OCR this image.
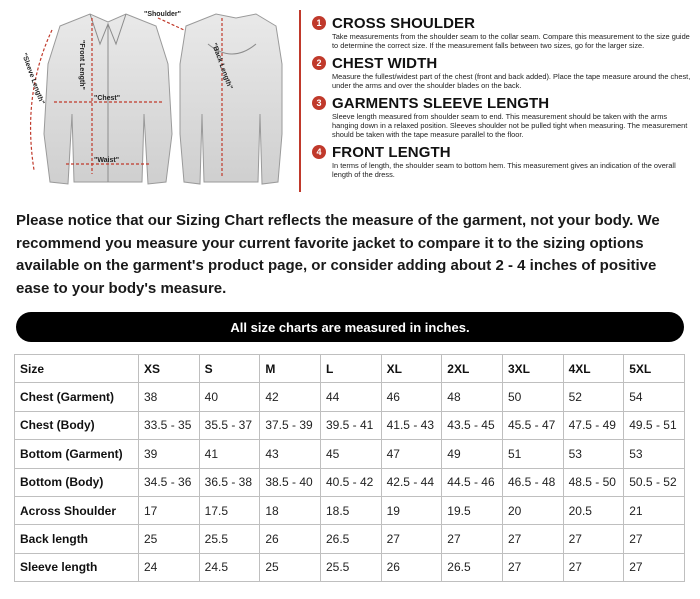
"Shoulder"
"Front Length"
"Chest"
"Waist"
"Sleeve Length"	"Back Length"
1 CROSS SHOULDER

Take measurements from the shoulder seam to the collar seam. Compare this measurement to the size guide to determine the correct size. If the measurement falls between two sizes, go for the larger size.

2 CHEST WIDTH

Measure the fullest/widest part of the chest (front and back added). Place the tape measure around the chest, under the arms and over the shoulder blades on the back.

3 GARMENTS SLEEVE LENGTH

Sleeve length measured from shoulder seam to end. This measurement should be taken with the arms hanging down in a relaxed position. Sleeves shoulder not be pulled tight when measuring. The measurement should be taken with the tape measure parallel to the floor.

4 FRONT LENGTH

In terms of length, the shoulder seam to bottom hem. This measurement gives an indication of the overall length of the dress.

Please notice that our Sizing Chart reflects the measure of the garment, not your body. We recommend you measure your current favorite jacket to compare it to the sizing options available on the garment's product page, or consider adding about 2 - 4 inches of positive ease to your body's measure.

All size charts are measured in inches.
Size	XS	S	M	L	XL	2XL	3XL	4XL	5XL
Chest (Garment)	38	40	42	44	46	48	50	52	54
Chest (Body)	33.5 - 35	35.5 - 37	37.5 - 39	39.5 - 41	41.5 - 43	43.5 - 45	45.5 - 47	47.5 - 49	49.5 - 51
Bottom (Garment)	39	41	43	45	47	49	51	53	53
Bottom (Body)	34.5 - 36	36.5 - 38	38.5 - 40	40.5 - 42	42.5 - 44	44.5 - 46	46.5 - 48	48.5 - 50	50.5 - 52
Across Shoulder	17	17.5	18	18.5	19	19.5	20	20.5	21
Back length	25	25.5	26	26.5	27	27	27	27	27
Sleeve length	24	24.5	25	25.5	26	26.5	27	27	27
